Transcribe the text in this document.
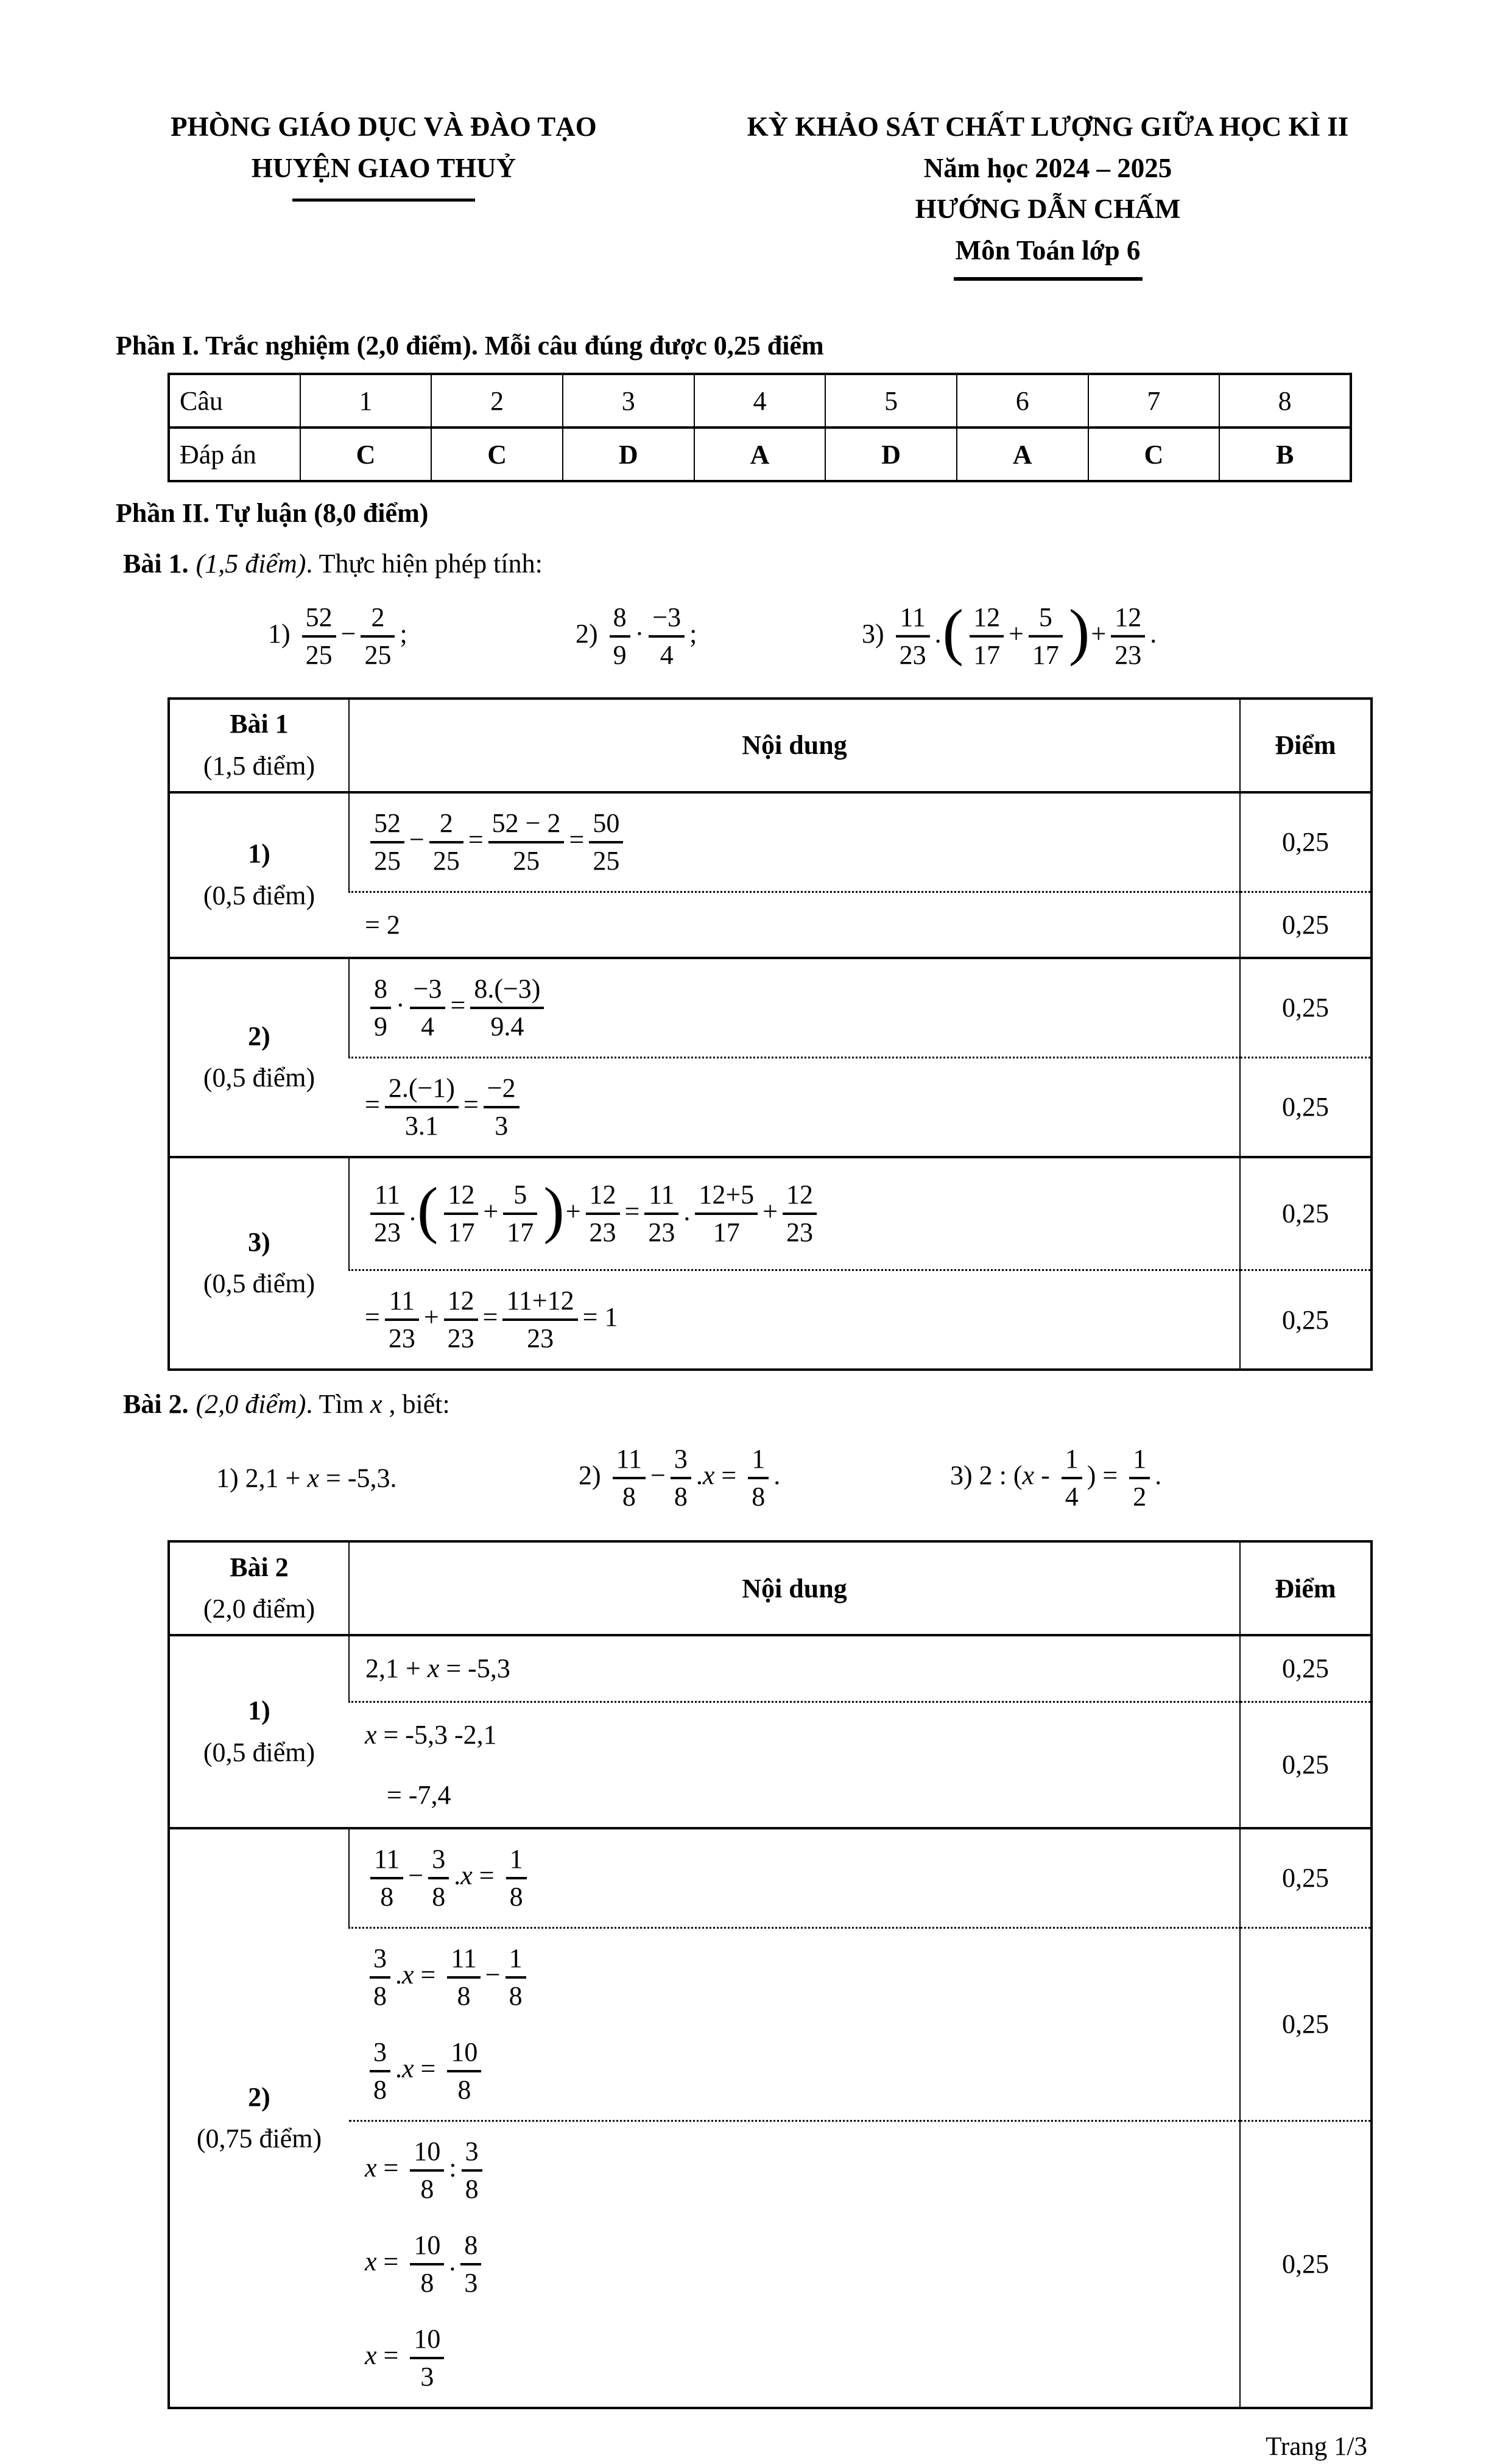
PHÒNG GIÁO DỤC VÀ ĐÀO TẠO
HUYỆN GIAO THUỶ
KỲ KHẢO SÁT CHẤT LƯỢNG GIỮA HỌC KÌ II
Năm học 2024 – 2025
HƯỚNG DẪN CHẤM
Môn Toán lớp 6

Phần I. Trắc nghiệm (2,0 điểm). Mỗi câu đúng được 0,25 điểm

Câu	1	2	3	4	5	6	7	8
Đáp án	C	C	D	A	D	A	C	B

Phần II. Tự luận (8,0 điểm)

Bài 1. (1,5 điểm). Thực hiện phép tính:

$1) \frac{52}{25} - \frac{2}{25}$ ;	$2) \frac{8}{9} \cdot \frac{-3}{4}$ ;	$3) \frac{11}{23}$ .( $\frac{12}{17} + \frac{5}{17}$ )+ $\frac{12}{23}$ .
Bài 1
(1,5 điểm)	Nội dung	Điểm

1)
(0,5 điểm)

$\frac{52}{25} - \frac{2}{25} = \frac{52 - 2}{25} = \frac{50}{25}$	0,25

	= 2	0,25

2)
(0,5 điểm)

$\frac{8}{9} \cdot \frac{-3}{4} = \frac{8.(-3)}{9.4}$	0,25

= $\frac{2.(-1)}{3.1} = \frac{-2}{3}$	0,25

3)
(0,5 điểm)

$\frac{11}{23}$ .( $\frac{12}{17} + \frac{5}{17}$ )+ $\frac{12}{23} = \frac{11}{23}$ . $\frac{12+5}{17} + \frac{12}{23}$	0,25

= $\frac{11}{23} + \frac{12}{23} = \frac{11+12}{23} = 1$	0,25

Bài 2. (2,0 điểm). Tìm x , biết:

1) 2,1 + x = -5,3.	$2) \frac{11}{8} - \frac{3}{8} .x = \frac{1}{8}$ .	3) 2 : ($x - \frac{1}{4}$ ) = $\frac{1}{2}$ .
Bài 2
(2,0 điểm)	Nội dung	Điểm

1)
(0,5 điểm)	2,1 + x = -5,3	0,25

	x = -5,3 -2,1
= -7,4	0,25

2)
(0,75 điểm)

$\frac{11}{8} - \frac{3}{8} .x = \frac{1}{8}$	0,25

$\frac{3}{8} .x = \frac{11}{8} - \frac{1}{8}$
$\frac{3}{8} .x = \frac{10}{8}$
	0,25

$x = \frac{10}{8}$ : $\frac{3}{8}$
$x = \frac{10}{8}$ . $\frac{8}{3}$
$x = \frac{10}{3}$
	0,25
Trang 1/3
